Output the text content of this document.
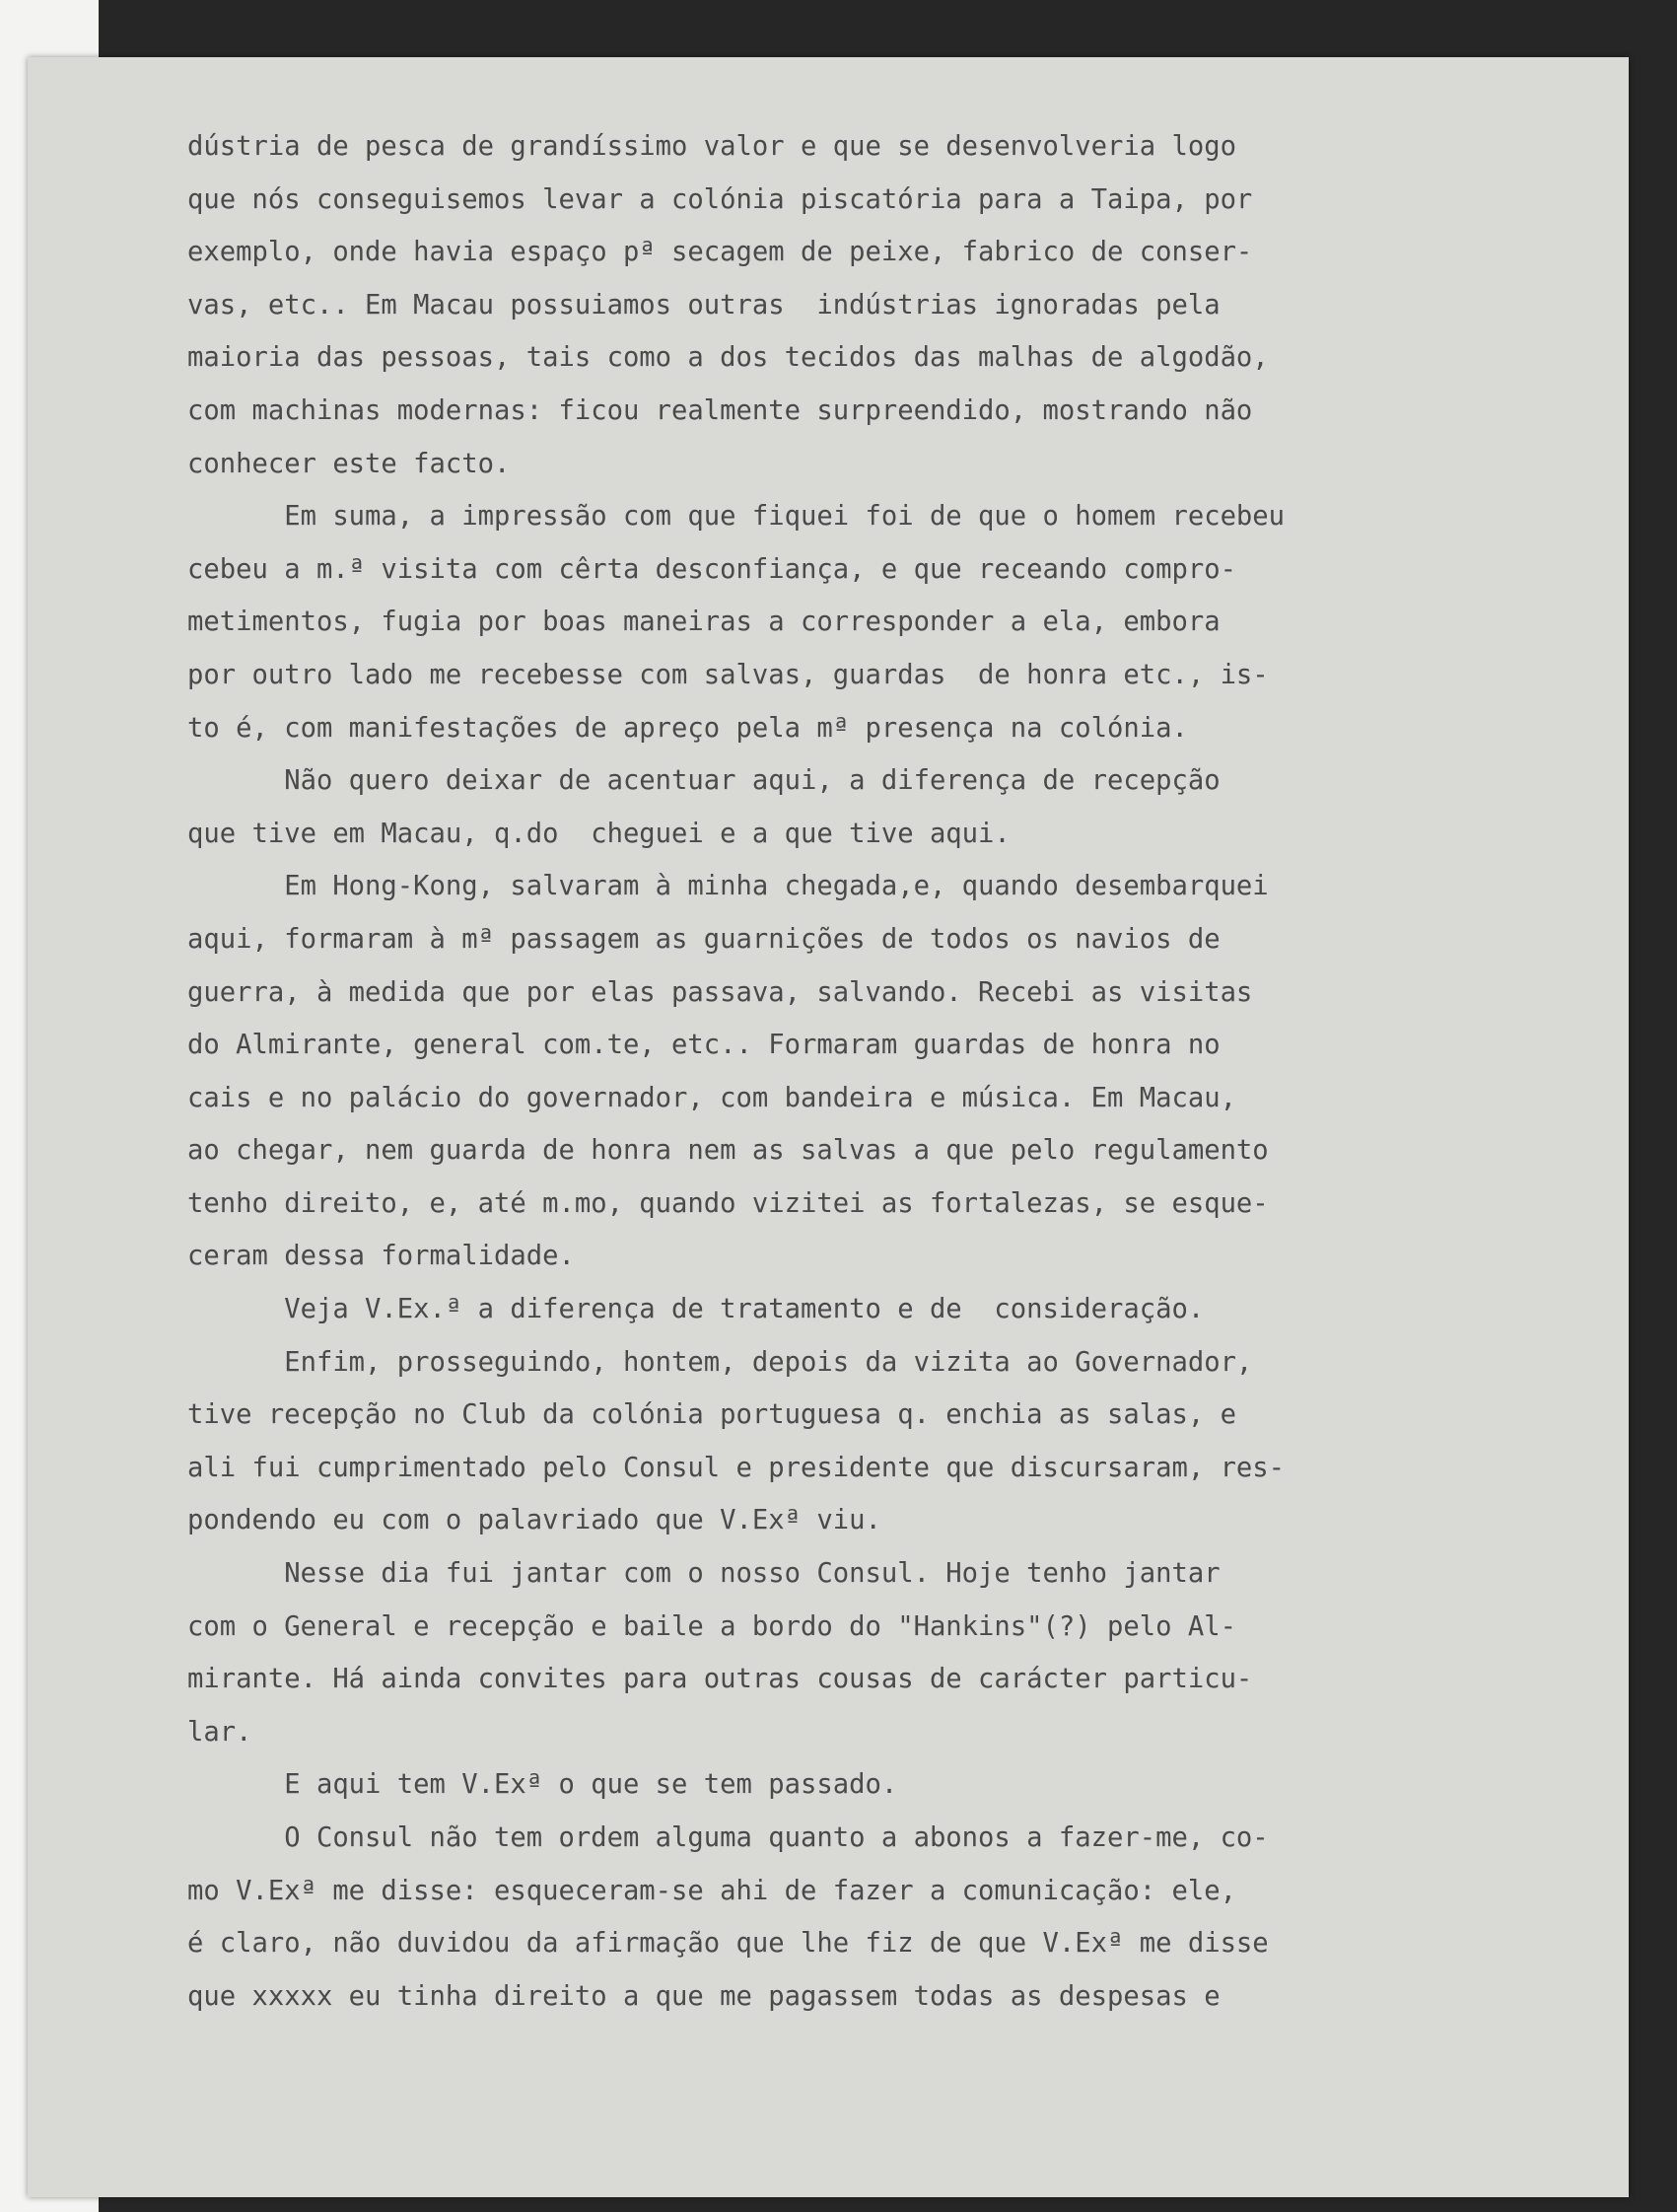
dústria de pesca de grandíssimo valor e que se desenvolveria logo
que nós conseguisemos levar a colónia piscatória para a Taipa, por
exemplo, onde havia espaço pª secagem de peixe, fabrico de conser-
vas, etc.. Em Macau possuiamos outras  indústrias ignoradas pela
maioria das pessoas, tais como a dos tecidos das malhas de algodão,
com machinas modernas: ficou realmente surpreendido, mostrando não
conhecer este facto.
Em suma, a impressão com que fiquei foi de que o homem recebeu
cebeu a m.ª visita com cêrta desconfiança, e que receando compro-
metimentos, fugia por boas maneiras a corresponder a ela, embora
por outro lado me recebesse com salvas, guardas  de honra etc., is-
to é, com manifestações de apreço pela mª presença na colónia.
Não quero deixar de acentuar aqui, a diferença de recepção
que tive em Macau, q.do  cheguei e a que tive aqui.
Em Hong-Kong, salvaram à minha chegada,e, quando desembarquei
aqui, formaram à mª passagem as guarnições de todos os navios de
guerra, à medida que por elas passava, salvando. Recebi as visitas
do Almirante, general com.te, etc.. Formaram guardas de honra no
cais e no palácio do governador, com bandeira e música. Em Macau,
ao chegar, nem guarda de honra nem as salvas a que pelo regulamento
tenho direito, e, até m.mo, quando vizitei as fortalezas, se esque-
ceram dessa formalidade.
Veja V.Ex.ª a diferença de tratamento e de  consideração.
Enfim, prosseguindo, hontem, depois da vizita ao Governador,
tive recepção no Club da colónia portuguesa q. enchia as salas, e
ali fui cumprimentado pelo Consul e presidente que discursaram, res-
pondendo eu com o palavriado que V.Exª viu.
Nesse dia fui jantar com o nosso Consul. Hoje tenho jantar
com o General e recepção e baile a bordo do "Hankins"(?) pelo Al-
mirante. Há ainda convites para outras cousas de carácter particu-
lar.
E aqui tem V.Exª o que se tem passado.
O Consul não tem ordem alguma quanto a abonos a fazer-me, co-
mo V.Exª me disse: esqueceram-se ahi de fazer a comunicação: ele,
é claro, não duvidou da afirmação que lhe fiz de que V.Exª me disse
que xxxxx eu tinha direito a que me pagassem todas as despesas e
